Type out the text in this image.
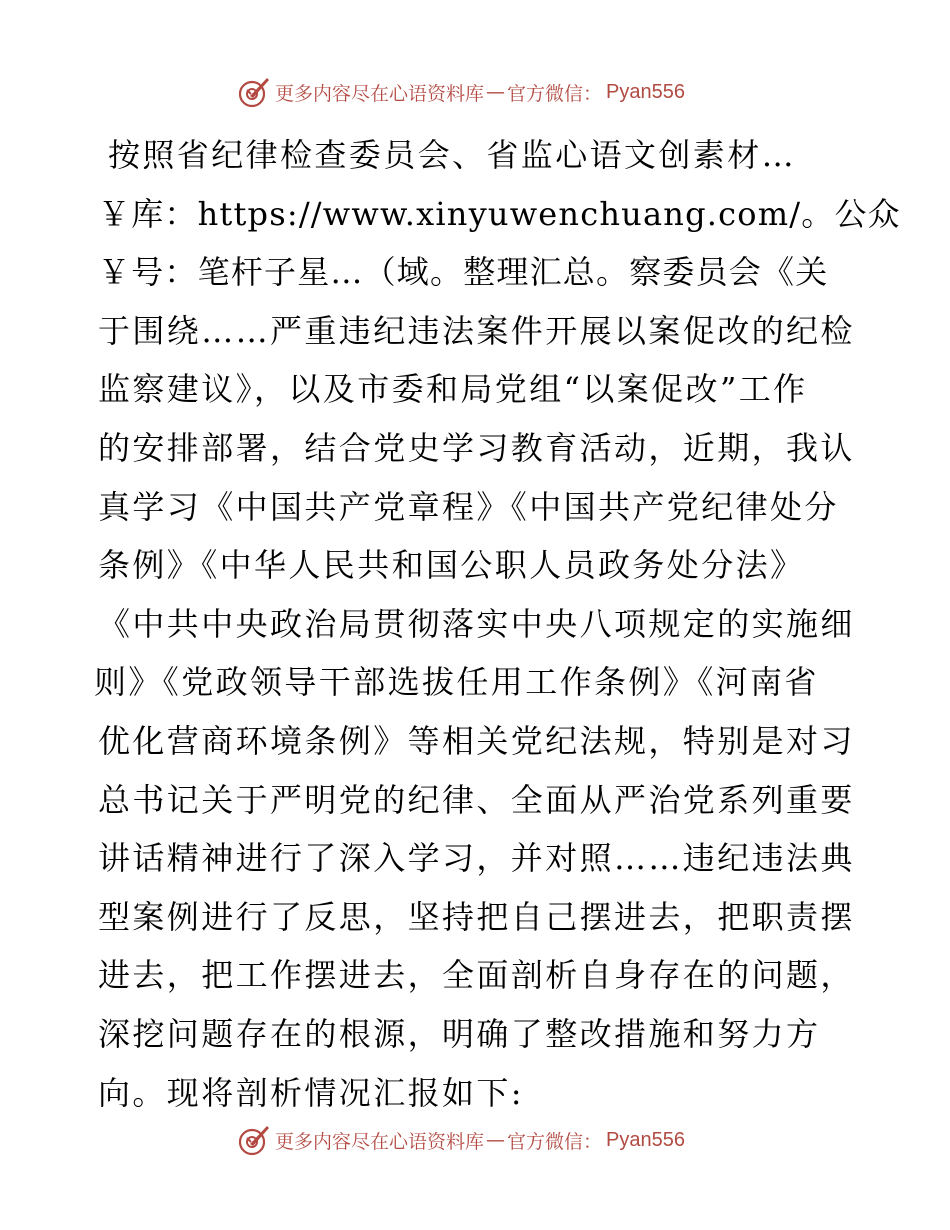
更多内容尽在心语资料库 — 官方微信： Pyan556
按照省纪律检查委员会、省监心语文创素材…
￥库：https://www.xinyuwenchuang.com/。公众
￥号：笔杆子星…（域。整理汇总。察委员会《关
于围绕……严重违纪违法案件开展以案促改的纪检
监察建议》，以及市委和局党组“以案促改”工作
的安排部署，结合党史学习教育活动，近期，我认
真学习《中国共产党章程》《中国共产党纪律处分
条例》《中华人民共和国公职人员政务处分法》
《中共中央政治局贯彻落实中央八项规定的实施细
则》《党政领导干部选拔任用工作条例》《河南省
优化营商环境条例》等相关党纪法规，特别是对习
总书记关于严明党的纪律、全面从严治党系列重要
讲话精神进行了深入学习，并对照……违纪违法典
型案例进行了反思，坚持把自己摆进去，把职责摆
进去，把工作摆进去，全面剖析自身存在的问题，
深挖问题存在的根源，明确了整改措施和努力方
向。现将剖析情况汇报如下:
更多内容尽在心语资料库 — 官方微信： Pyan556
